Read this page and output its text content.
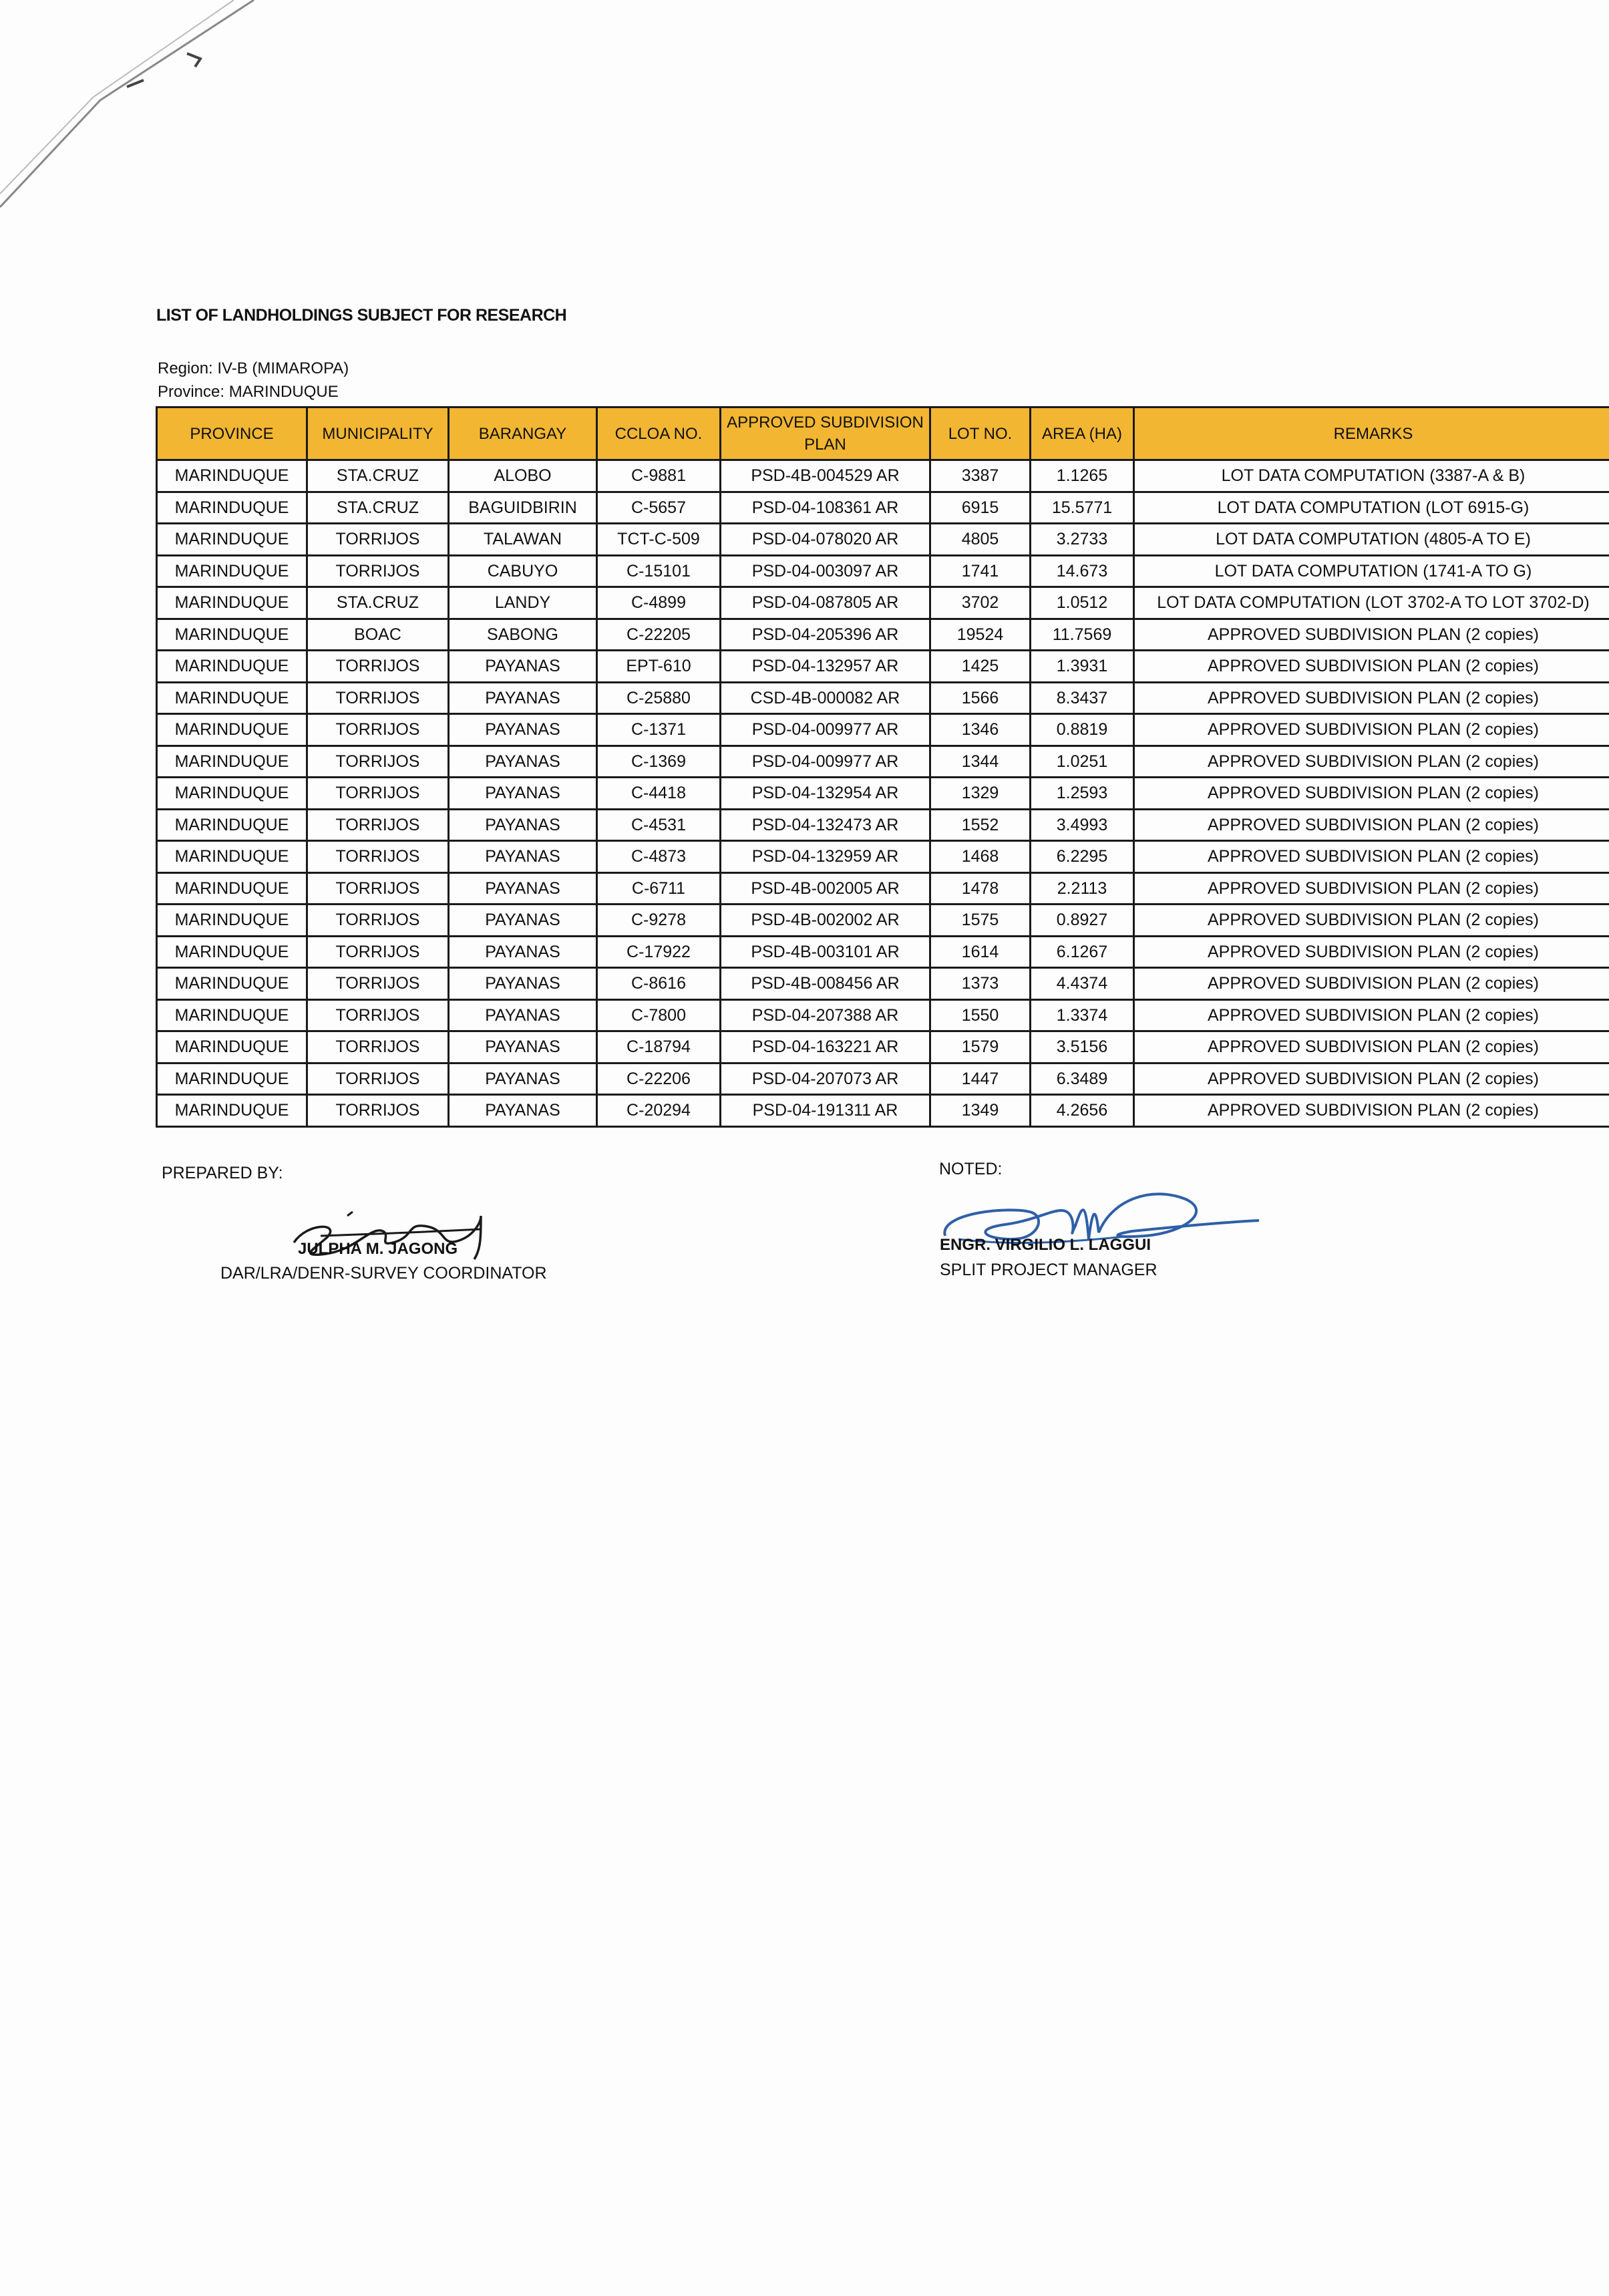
LIST OF LANDHOLDINGS SUBJECT FOR RESEARCH
Region: IV-B (MIMAROPA)
Province: MARINDUQUE
PROVINCE	MUNICIPALITY	BARANGAY	CCLOA NO.	APPROVED SUBDIVISION PLAN	LOT NO.	AREA (HA)	REMARKS
MARINDUQUE	STA.CRUZ	ALOBO	C-9881	PSD-4B-004529 AR	3387	1.1265	LOT DATA COMPUTATION (3387-A & B)
MARINDUQUE	STA.CRUZ	BAGUIDBIRIN	C-5657	PSD-04-108361 AR	6915	15.5771	LOT DATA COMPUTATION (LOT 6915-G)
MARINDUQUE	TORRIJOS	TALAWAN	TCT-C-509	PSD-04-078020 AR	4805	3.2733	LOT DATA COMPUTATION (4805-A TO E)
MARINDUQUE	TORRIJOS	CABUYO	C-15101	PSD-04-003097 AR	1741	14.673	LOT DATA COMPUTATION (1741-A TO G)
MARINDUQUE	STA.CRUZ	LANDY	C-4899	PSD-04-087805 AR	3702	1.0512	LOT DATA COMPUTATION (LOT 3702-A TO LOT 3702-D)
MARINDUQUE	BOAC	SABONG	C-22205	PSD-04-205396 AR	19524	11.7569	APPROVED SUBDIVISION PLAN (2 copies)
MARINDUQUE	TORRIJOS	PAYANAS	EPT-610	PSD-04-132957 AR	1425	1.3931	APPROVED SUBDIVISION PLAN (2 copies)
MARINDUQUE	TORRIJOS	PAYANAS	C-25880	CSD-4B-000082 AR	1566	8.3437	APPROVED SUBDIVISION PLAN (2 copies)
MARINDUQUE	TORRIJOS	PAYANAS	C-1371	PSD-04-009977 AR	1346	0.8819	APPROVED SUBDIVISION PLAN (2 copies)
MARINDUQUE	TORRIJOS	PAYANAS	C-1369	PSD-04-009977 AR	1344	1.0251	APPROVED SUBDIVISION PLAN (2 copies)
MARINDUQUE	TORRIJOS	PAYANAS	C-4418	PSD-04-132954 AR	1329	1.2593	APPROVED SUBDIVISION PLAN (2 copies)
MARINDUQUE	TORRIJOS	PAYANAS	C-4531	PSD-04-132473 AR	1552	3.4993	APPROVED SUBDIVISION PLAN (2 copies)
MARINDUQUE	TORRIJOS	PAYANAS	C-4873	PSD-04-132959 AR	1468	6.2295	APPROVED SUBDIVISION PLAN (2 copies)
MARINDUQUE	TORRIJOS	PAYANAS	C-6711	PSD-4B-002005 AR	1478	2.2113	APPROVED SUBDIVISION PLAN (2 copies)
MARINDUQUE	TORRIJOS	PAYANAS	C-9278	PSD-4B-002002 AR	1575	0.8927	APPROVED SUBDIVISION PLAN (2 copies)
MARINDUQUE	TORRIJOS	PAYANAS	C-17922	PSD-4B-003101 AR	1614	6.1267	APPROVED SUBDIVISION PLAN (2 copies)
MARINDUQUE	TORRIJOS	PAYANAS	C-8616	PSD-4B-008456 AR	1373	4.4374	APPROVED SUBDIVISION PLAN (2 copies)
MARINDUQUE	TORRIJOS	PAYANAS	C-7800	PSD-04-207388 AR	1550	1.3374	APPROVED SUBDIVISION PLAN (2 copies)
MARINDUQUE	TORRIJOS	PAYANAS	C-18794	PSD-04-163221 AR	1579	3.5156	APPROVED SUBDIVISION PLAN (2 copies)
MARINDUQUE	TORRIJOS	PAYANAS	C-22206	PSD-04-207073 AR	1447	6.3489	APPROVED SUBDIVISION PLAN (2 copies)
MARINDUQUE	TORRIJOS	PAYANAS	C-20294	PSD-04-191311 AR	1349	4.2656	APPROVED SUBDIVISION PLAN (2 copies)
PREPARED BY:
JULPHA M. JAGONG
DAR/LRA/DENR-SURVEY COORDINATOR
NOTED:
ENGR. VIRGILIO L. LAGGUI
SPLIT PROJECT MANAGER
